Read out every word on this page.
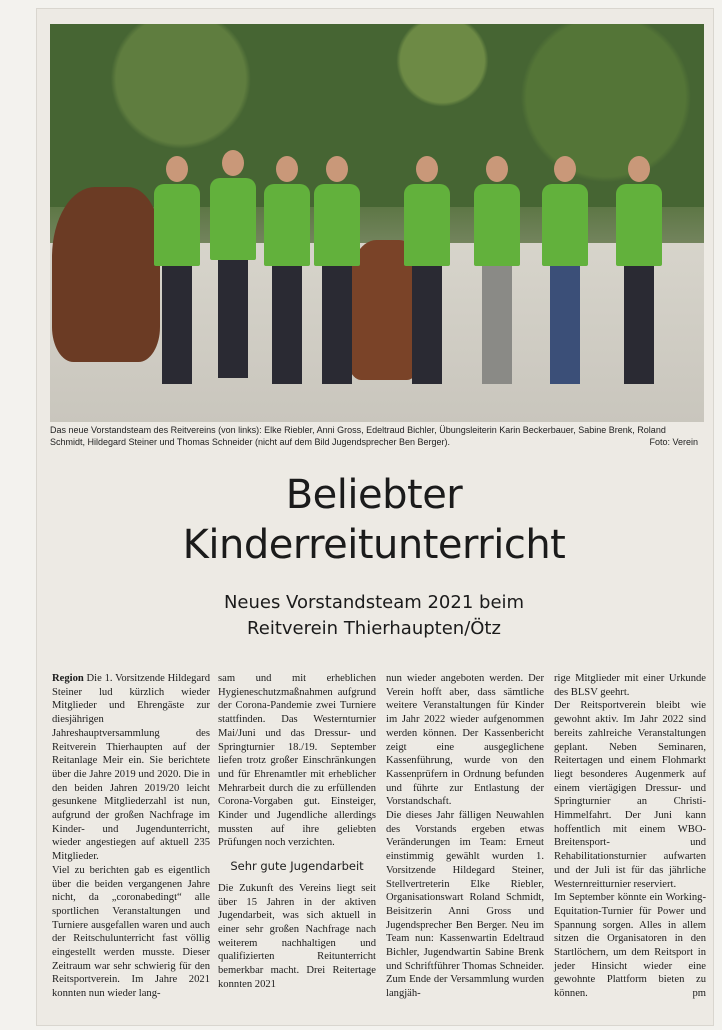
Das neue Vorstandsteam des Reitvereins (von links): Elke Riebler, Anni Gross, Edeltraud Bichler, Übungsleiterin Karin Beckerbauer, Sabine Brenk, Roland Schmidt, Hildegard Steiner und Thomas Schneider (nicht auf dem Bild Jugendsprecher Ben Berger).	Foto: Verein
Beliebter
Kinderreitunterricht
Neues Vorstandsteam 2021 beim
Reitverein Thierhaupten/Ötz

Region Die 1. Vorsitzende Hildegard Steiner lud kürzlich wieder Mitglieder und Ehrengäste zur diesjährigen Jahreshauptversammlung des Reitverein Thierhaupten auf der Reitanlage Meir ein. Sie berichtete über die Jahre 2019 und 2020. Die in den beiden Jahren 2019/20 leicht gesunkene Mitgliederzahl ist nun, aufgrund der großen Nachfrage im Kinder- und Jugendunterricht, wieder angestiegen auf aktuell 235 Mitglieder.

Viel zu berichten gab es eigentlich über die beiden vergangenen Jahre nicht, da „coronabedingt“ alle sportlichen Veranstaltungen und Turniere ausgefallen waren und auch der Reitschulunterricht fast völlig eingestellt werden musste. Dieser Zeitraum war sehr schwierig für den Reitsportverein. Im Jahre 2021 konnten nun wieder lang-

sam und mit erheblichen Hygieneschutzmaßnahmen aufgrund der Corona-Pandemie zwei Turniere stattfinden. Das Westernturnier Mai/Juni und das Dressur- und Springturnier 18./19. September liefen trotz großer Einschränkungen und für Ehrenamtler mit erheblicher Mehrarbeit durch die zu erfüllenden Corona-Vorgaben gut. Einsteiger, Kinder und Jugendliche allerdings mussten auf ihre geliebten Prüfungen noch verzichten.

Sehr gute Jugendarbeit

Die Zukunft des Vereins liegt seit über 15 Jahren in der aktiven Jugendarbeit, was sich aktuell in einer sehr großen Nachfrage nach weiterem nachhaltigen und qualifizierten Reitunterricht bemerkbar macht. Drei Reitertage konnten 2021

nun wieder angeboten werden. Der Verein hofft aber, dass sämtliche weitere Veranstaltungen für Kinder im Jahr 2022 wieder aufgenommen werden können. Der Kassenbericht zeigt eine ausgeglichene Kassenführung, wurde von den Kassenprüfern in Ordnung befunden und führte zur Entlastung der Vorstandschaft.

Die dieses Jahr fälligen Neuwahlen des Vorstands ergeben etwas Veränderungen im Team: Erneut einstimmig gewählt wurden 1. Vorsitzende Hildegard Steiner, Stellvertreterin Elke Riebler, Organisationswart Roland Schmidt, Beisitzerin Anni Gross und Jugendsprecher Ben Berger. Neu im Team nun: Kassenwartin Edeltraud Bichler, Jugendwartin Sabine Brenk und Schriftführer Thomas Schneider. Zum Ende der Versammlung wurden langjäh-

rige Mitglieder mit einer Urkunde des BLSV geehrt.

Der Reitsportverein bleibt wie gewohnt aktiv. Im Jahr 2022 sind bereits zahlreiche Veranstaltungen geplant. Neben Seminaren, Reitertagen und einem Flohmarkt liegt besonderes Augenmerk auf einem viertägigen Dressur- und Springturnier an Christi-Himmelfahrt. Der Juni kann hoffentlich mit einem WBO-Breitensport- und Rehabilitationsturnier aufwarten und der Juli ist für das jährliche Westernreitturnier reserviert.

Im September könnte ein Working-Equitation-Turnier für Power und Spannung sorgen. Alles in allem sitzen die Organisatoren in den Startlöchern, um dem Reitsport in jeder Hinsicht wieder eine gewohnte Plattform bieten zu können.	pm
